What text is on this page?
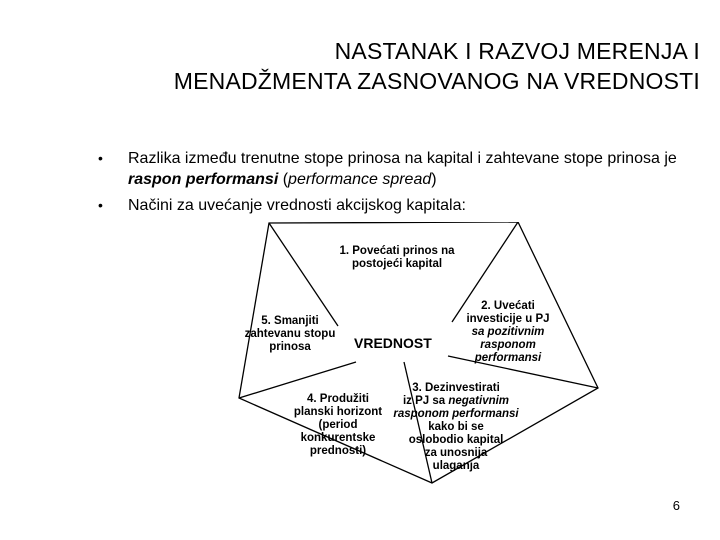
NASTANAK I RAZVOJ MERENJA I
MENADŽMENTA ZASNOVANOG NA VREDNOSTI
• Razlika između trenutne stope prinosa na kapital i zahtevane stope prinosa je raspon performansi (performance spread)
• Načini za uvećanje vrednosti akcijskog kapitala:
VREDNOST
1. Povećati prinos na
postojeći kapital
2. Uvećati
investicije u PJ
sa pozitivnim
rasponom
performansi
3. Dezinvestirati
iz PJ sa negativnim
rasponom performansi
kako bi se
oslobodio kapital
za unosnija
ulaganja
4. Produžiti
planski horizont
(period
konkurentske
prednosti)
5. Smanjiti
zahtevanu stopu
prinosa
6
